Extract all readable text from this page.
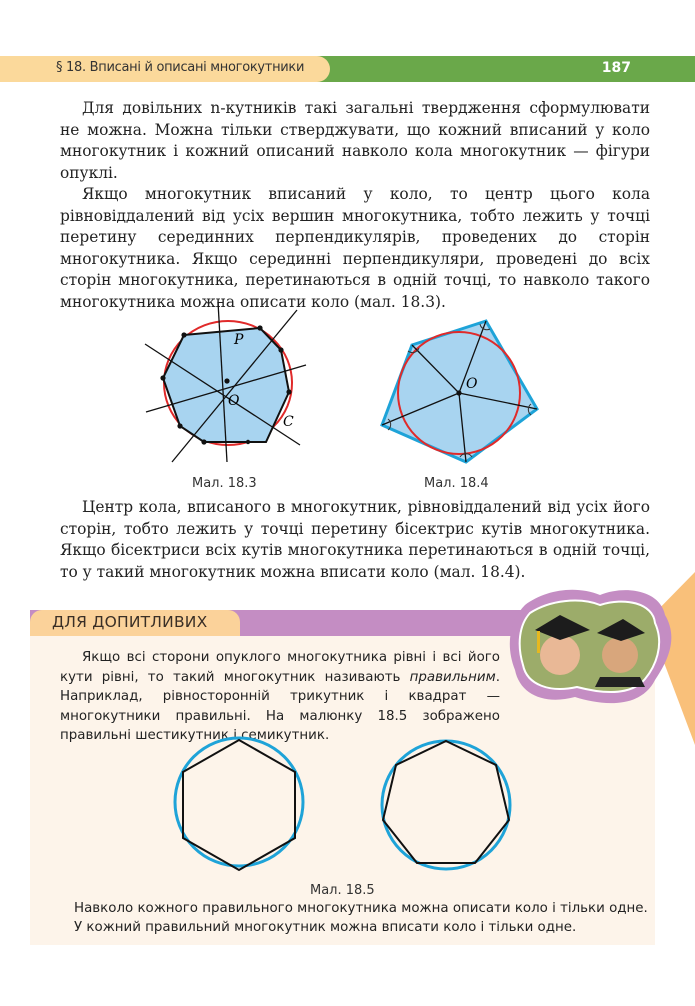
§ 18. Вписані й описані многокутники	187

Для довільних n-кутників такі загальні твердження сформулювати не можна. Можна тільки стверджувати, що кожний вписаний у коло многокутник і кожний описаний навколо кола многокутник — фігури опуклі.

Якщо многокутник вписаний у коло, то центр цього кола рівновіддалений від усіх вершин многокутника, тобто лежить у точці перетину серединних перпендикулярів, проведених до сторін многокутника. Якщо серединні перпендикуляри, проведені до всіх сторін многокутника, перетинаються в одній точці, то навколо такого многокутника можна описати коло (мал. 18.3).

P
O
C
Мал. 18.3
O
Мал. 18.4

Центр кола, вписаного в многокутник, рівновіддалений від усіх його сторін, тобто лежить у точці перетину бісектрис кутів многокутника. Якщо бісектриси всіх кутів многокутника перетинаються в одній точці, то у такий многокутник можна вписати коло (мал. 18.4).

ДЛЯ ДОПИТЛИВИХ

Якщо всі сторони опуклого многокутника рівні і всі його кути рівні, то такий многокутник називають правильним. Наприклад, рівносторонній трикутник і квадрат — многокутники правильні. На малюнку 18.5 зображено правильні шестикутник і семикутник.

Мал. 18.5
Навколо кожного правильного многокутника можна описати коло і тільки одне.
У кожний правильний многокутник можна вписати коло і тільки одне.
